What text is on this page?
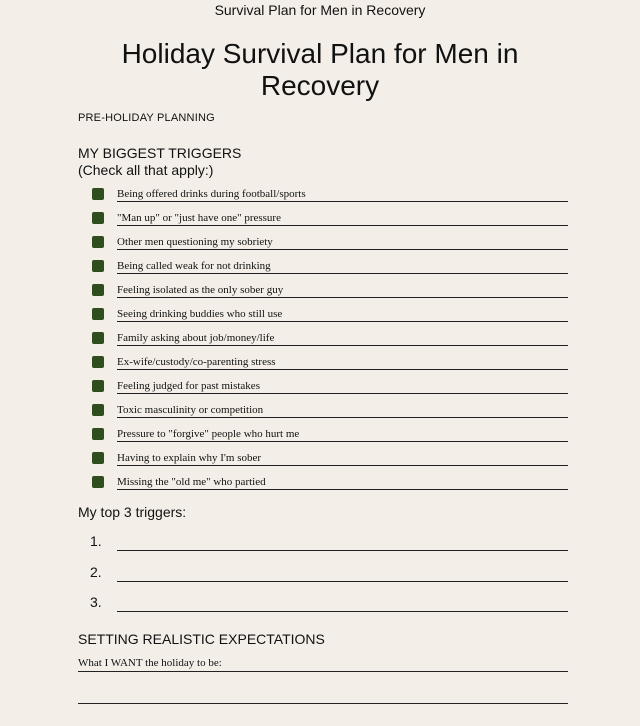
Survival Plan for Men in Recovery
Holiday Survival Plan for Men in Recovery
PRE-HOLIDAY PLANNING
MY BIGGEST TRIGGERS
(Check all that apply:)
Being offered drinks during football/sports
"Man up" or "just have one" pressure
Other men questioning my sobriety
Being called weak for not drinking
Feeling isolated as the only sober guy
Seeing drinking buddies who still use
Family asking about job/money/life
Ex-wife/custody/co-parenting stress
Feeling judged for past mistakes
Toxic masculinity or competition
Pressure to "forgive" people who hurt me
Having to explain why I'm sober
Missing the "old me" who partied
My top 3 triggers:
1.
2.
3.
SETTING REALISTIC EXPECTATIONS
What I WANT the holiday to be:
